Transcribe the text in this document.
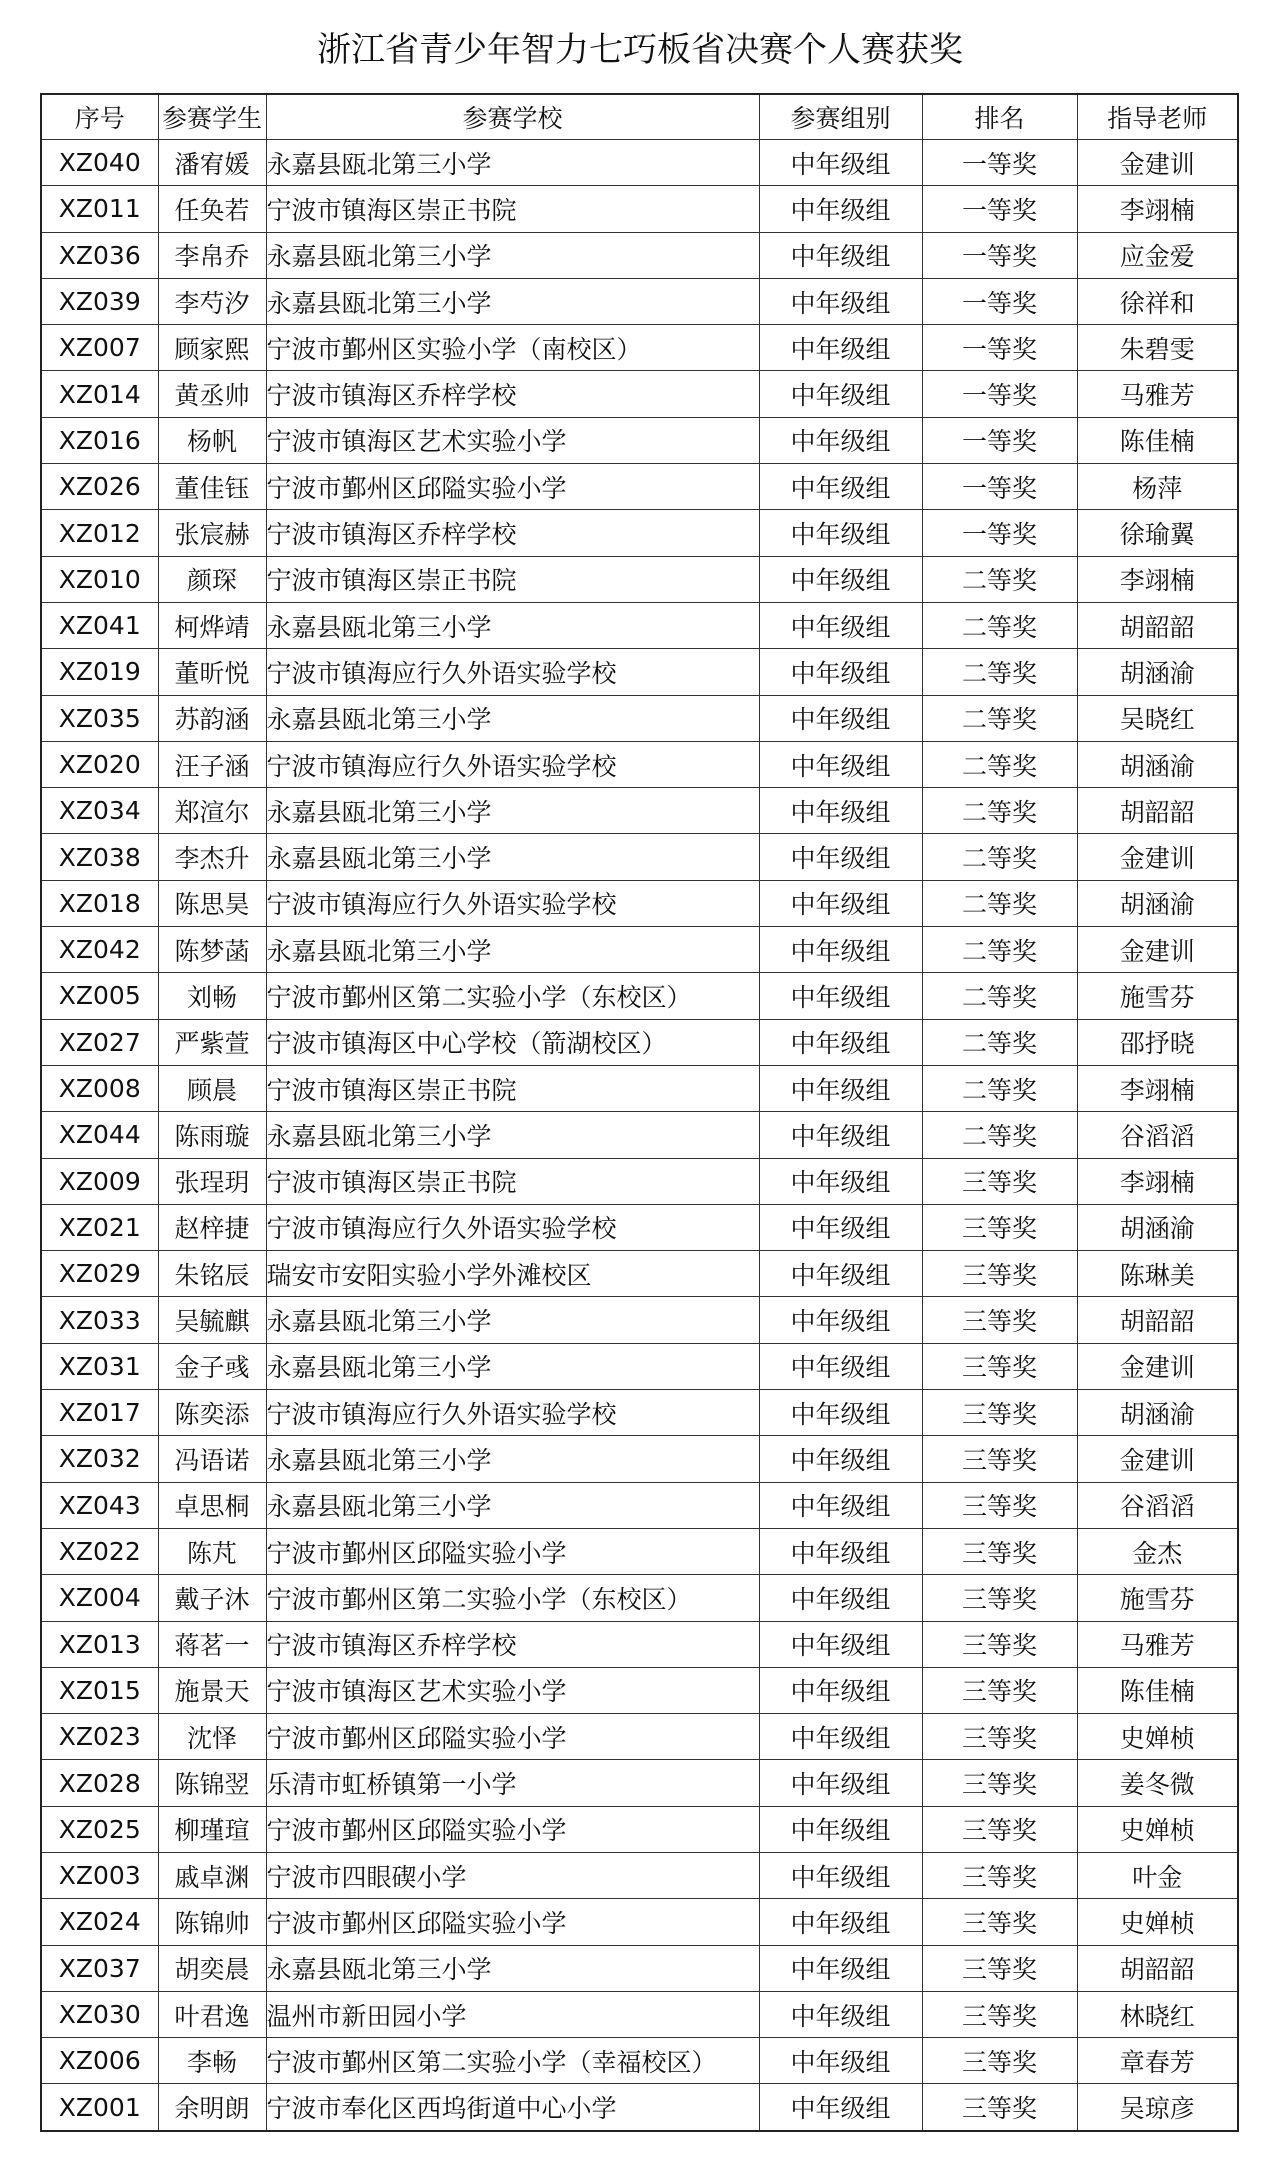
浙江省青少年智力七巧板省决赛个人赛获奖
序号	参赛学生	参赛学校	参赛组别	排名	指导老师
XZ040	潘宥媛	永嘉县瓯北第三小学	中年级组	一等奖	金建训
XZ011	任奂若	宁波市镇海区崇正书院	中年级组	一等奖	李翊楠
XZ036	李帛乔	永嘉县瓯北第三小学	中年级组	一等奖	应金爱
XZ039	李芍汐	永嘉县瓯北第三小学	中年级组	一等奖	徐祥和
XZ007	顾家熙	宁波市鄞州区实验小学（南校区）	中年级组	一等奖	朱碧雯
XZ014	黄丞帅	宁波市镇海区乔梓学校	中年级组	一等奖	马雅芳
XZ016	杨帆	宁波市镇海区艺术实验小学	中年级组	一等奖	陈佳楠
XZ026	董佳钰	宁波市鄞州区邱隘实验小学	中年级组	一等奖	杨萍
XZ012	张宸赫	宁波市镇海区乔梓学校	中年级组	一等奖	徐瑜翼
XZ010	颜琛	宁波市镇海区崇正书院	中年级组	二等奖	李翊楠
XZ041	柯烨靖	永嘉县瓯北第三小学	中年级组	二等奖	胡韶韶
XZ019	董昕悦	宁波市镇海应行久外语实验学校	中年级组	二等奖	胡涵渝
XZ035	苏韵涵	永嘉县瓯北第三小学	中年级组	二等奖	吴晓红
XZ020	汪子涵	宁波市镇海应行久外语实验学校	中年级组	二等奖	胡涵渝
XZ034	郑渲尔	永嘉县瓯北第三小学	中年级组	二等奖	胡韶韶
XZ038	李杰升	永嘉县瓯北第三小学	中年级组	二等奖	金建训
XZ018	陈思昊	宁波市镇海应行久外语实验学校	中年级组	二等奖	胡涵渝
XZ042	陈梦菡	永嘉县瓯北第三小学	中年级组	二等奖	金建训
XZ005	刘畅	宁波市鄞州区第二实验小学（东校区）	中年级组	二等奖	施雪芬
XZ027	严紫萱	宁波市镇海区中心学校（箭湖校区）	中年级组	二等奖	邵抒晓
XZ008	顾晨	宁波市镇海区崇正书院	中年级组	二等奖	李翊楠
XZ044	陈雨璇	永嘉县瓯北第三小学	中年级组	二等奖	谷滔滔
XZ009	张珵玥	宁波市镇海区崇正书院	中年级组	三等奖	李翊楠
XZ021	赵梓捷	宁波市镇海应行久外语实验学校	中年级组	三等奖	胡涵渝
XZ029	朱铭辰	瑞安市安阳实验小学外滩校区	中年级组	三等奖	陈琳美
XZ033	吴毓麒	永嘉县瓯北第三小学	中年级组	三等奖	胡韶韶
XZ031	金子彧	永嘉县瓯北第三小学	中年级组	三等奖	金建训
XZ017	陈奕添	宁波市镇海应行久外语实验学校	中年级组	三等奖	胡涵渝
XZ032	冯语诺	永嘉县瓯北第三小学	中年级组	三等奖	金建训
XZ043	卓思桐	永嘉县瓯北第三小学	中年级组	三等奖	谷滔滔
XZ022	陈芃	宁波市鄞州区邱隘实验小学	中年级组	三等奖	金杰
XZ004	戴子沐	宁波市鄞州区第二实验小学（东校区）	中年级组	三等奖	施雪芬
XZ013	蒋茗一	宁波市镇海区乔梓学校	中年级组	三等奖	马雅芳
XZ015	施景天	宁波市镇海区艺术实验小学	中年级组	三等奖	陈佳楠
XZ023	沈怿	宁波市鄞州区邱隘实验小学	中年级组	三等奖	史婵桢
XZ028	陈锦翌	乐清市虹桥镇第一小学	中年级组	三等奖	姜冬微
XZ025	柳瑾瑄	宁波市鄞州区邱隘实验小学	中年级组	三等奖	史婵桢
XZ003	戚卓渊	宁波市四眼碶小学	中年级组	三等奖	叶金
XZ024	陈锦帅	宁波市鄞州区邱隘实验小学	中年级组	三等奖	史婵桢
XZ037	胡奕晨	永嘉县瓯北第三小学	中年级组	三等奖	胡韶韶
XZ030	叶君逸	温州市新田园小学	中年级组	三等奖	林晓红
XZ006	李畅	宁波市鄞州区第二实验小学（幸福校区）	中年级组	三等奖	章春芳
XZ001	余明朗	宁波市奉化区西坞街道中心小学	中年级组	三等奖	吴琼彦
